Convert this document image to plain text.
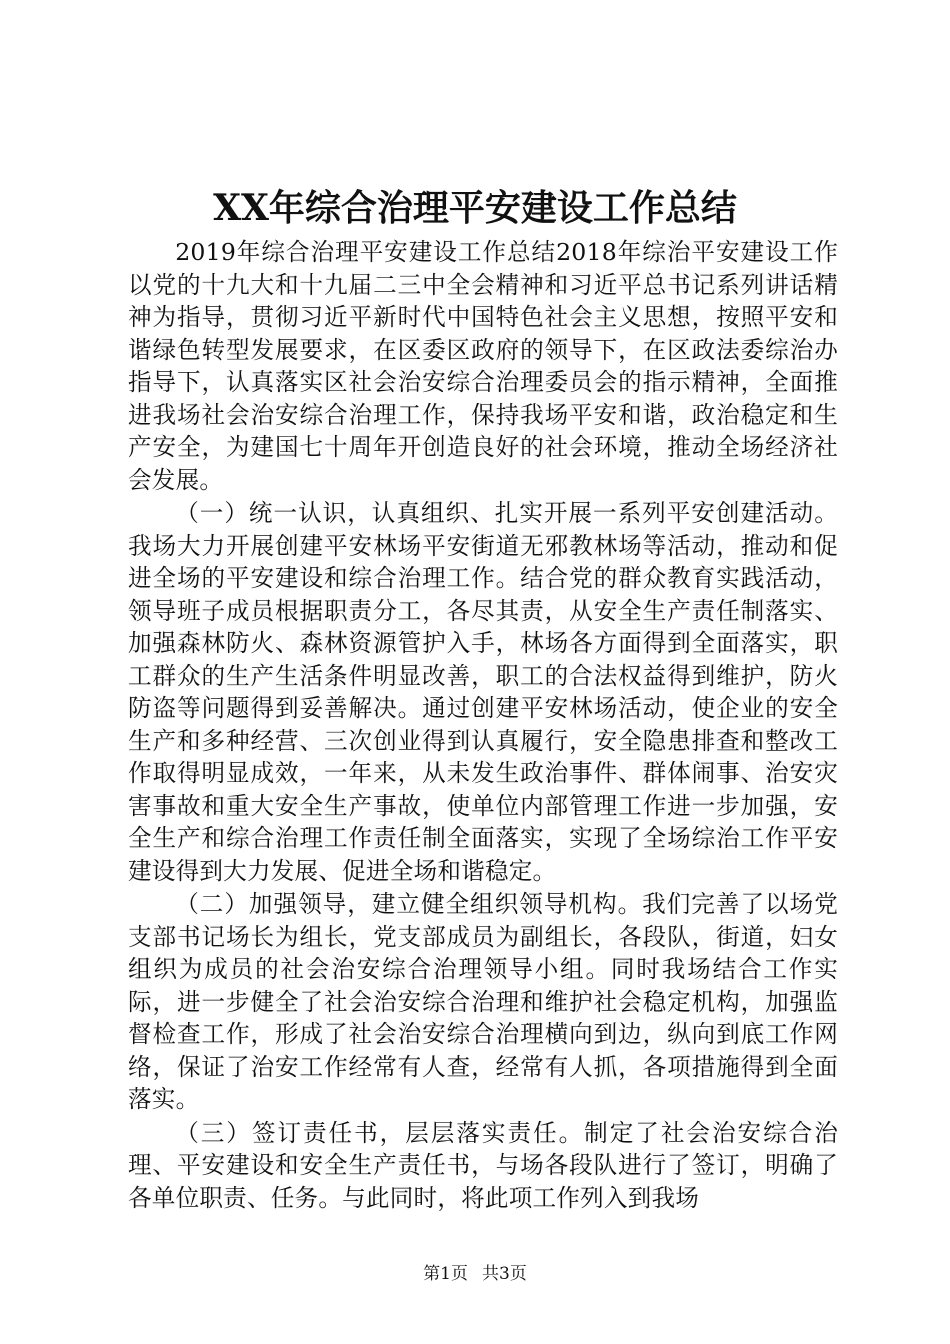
XX年综合治理平安建设工作总结

2019年综合治理平安建设工作总结2018年综治平安建设工作以党的十九大和十九届二三中全会精神和习近平总书记系列讲话精神为指导，贯彻习近平新时代中国特色社会主义思想，按照平安和谐绿色转型发展要求，在区委区政府的领导下，在区政法委综治办指导下，认真落实区社会治安综合治理委员会的指示精神，全面推进我场社会治安综合治理工作，保持我场平安和谐，政治稳定和生产安全，为建国七十周年开创造良好的社会环境，推动全场经济社会发展。

（一）统一认识，认真组织、扎实开展一系列平安创建活动。我场大力开展创建平安林场平安街道无邪教林场等活动，推动和促进全场的平安建设和综合治理工作。结合党的群众教育实践活动，领导班子成员根据职责分工，各尽其责，从安全生产责任制落实、加强森林防火、森林资源管护入手，林场各方面得到全面落实，职工群众的生产生活条件明显改善，职工的合法权益得到维护，防火防盗等问题得到妥善解决。通过创建平安林场活动，使企业的安全生产和多种经营、三次创业得到认真履行，安全隐患排查和整改工作取得明显成效，一年来，从未发生政治事件、群体闹事、治安灾害事故和重大安全生产事故，使单位内部管理工作进一步加强，安全生产和综合治理工作责任制全面落实，实现了全场综治工作平安建设得到大力发展、促进全场和谐稳定。

（二）加强领导，建立健全组织领导机构。我们完善了以场党支部书记场长为组长，党支部成员为副组长，各段队，街道，妇女组织为成员的社会治安综合治理领导小组。同时我场结合工作实际，进一步健全了社会治安综合治理和维护社会稳定机构，加强监督检查工作，形成了社会治安综合治理横向到边，纵向到底工作网络，保证了治安工作经常有人查，经常有人抓，各项措施得到全面落实。

（三）签订责任书，层层落实责任。制定了社会治安综合治理、平安建设和安全生产责任书，与场各段队进行了签订，明确了各单位职责、任务。与此同时，将此项工作列入到我场

第1页 共3页
